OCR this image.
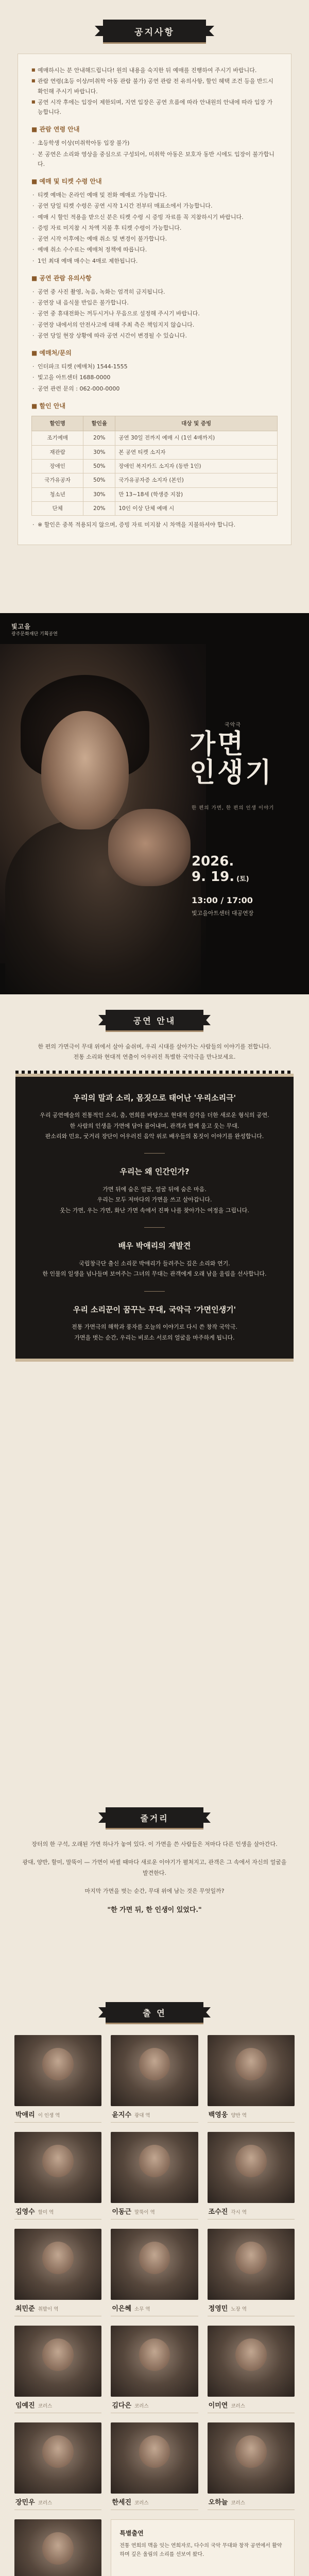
공지사항

■ 예매하시는 분 안내해드립니다! 원의 내용을 숙지한 뒤 예매를 진행하여 주시기 바랍니다.

■ 관람 연령(초등 이상/미취학 아동 관람 불가) 공연 관람 전 유의사항, 할인 혜택 조건 등을 반드시 확인해 주시기 바랍니다.

■ 공연 시작 후에는 입장이 제한되며, 지연 입장은 공연 흐름에 따라 안내원의 안내에 따라 입장 가능합니다.

■ 관람 연령 안내

· 초등학생 이상(미취학아동 입장 불가)

· 본 공연은 소리와 영상을 중심으로 구성되어, 미취학 아동은 보호자 동반 시에도 입장이 불가합니다.

■ 예매 및 티켓 수령 안내

· 티켓 예매는 온라인 예매 및 전화 예매로 가능합니다.

· 공연 당일 티켓 수령은 공연 시작 1시간 전부터 매표소에서 가능합니다.

· 예매 시 할인 적용을 받으신 분은 티켓 수령 시 증빙 자료를 꼭 지참하시기 바랍니다.

· 증빙 자료 미지참 시 차액 지불 후 티켓 수령이 가능합니다.

· 공연 시작 이후에는 예매 취소 및 변경이 불가합니다.

· 예매 취소 수수료는 예매처 정책에 따릅니다.

· 1인 최대 예매 매수는 4매로 제한됩니다.

■ 공연 관람 유의사항

· 공연 중 사진 촬영, 녹음, 녹화는 엄격히 금지됩니다.

· 공연장 내 음식물 반입은 불가합니다.

· 공연 중 휴대전화는 꺼두시거나 무음으로 설정해 주시기 바랍니다.

· 공연장 내에서의 안전사고에 대해 주최 측은 책임지지 않습니다.

· 공연 당일 현장 상황에 따라 공연 시간이 변경될 수 있습니다.

■ 예매처/문의

· 인터파크 티켓 (예매처) 1544-1555

· 빛고을 아트센터 1688-0000

· 공연 관련 문의 : 062-000-0000

■ 할인 안내
할인명	할인율	대상 및 증빙
조기예매	20%	공연 30일 전까지 예매 시 (1인 4매까지)
재관람	30%	본 공연 티켓 소지자
장애인	50%	장애인 복지카드 소지자 (동반 1인)
국가유공자	50%	국가유공자증 소지자 (본인)
청소년	30%	만 13~18세 (학생증 지참)
단체	20%	10인 이상 단체 예매 시

· ※ 할인은 중복 적용되지 않으며, 증빙 자료 미지참 시 차액을 지불하셔야 합니다.

빛고을
광주문화재단 기획공연
국악극
가면
인생기
한 편의 가면, 한 편의 인생 이야기
2026.
9. 19. (토)
13:00 / 17:00
빛고을아트센터 대공연장
공연 안내

한 편의 가면극이 무대 위에서 살아 숨쉬며, 우리 시대를 살아가는 사람들의 이야기를 전합니다. 전통 소리와 현대적 연출이 어우러진 특별한 국악극을 만나보세요.

우리의 말과 소리, 몸짓으로 태어난 '우리소리극'

우리 공연예술의 전통적인 소리, 춤, 연희를 바탕으로 현대적 감각을 더한 새로운 형식의 공연.

한 사람의 인생을 가면에 담아 풀어내며, 관객과 함께 울고 웃는 무대.

판소리와 민요, 굿거리 장단이 어우러진 음악 위로 배우들의 몸짓이 이야기를 완성합니다.

우리는 왜 인간인가?

가면 뒤에 숨은 얼굴, 얼굴 뒤에 숨은 마음.

우리는 모두 저마다의 가면을 쓰고 살아갑니다.

웃는 가면, 우는 가면, 화난 가면 속에서 진짜 나를 찾아가는 여정을 그립니다.

배우 박애리의 재발견

국립창극단 출신 소리꾼 박애리가 들려주는 깊은 소리와 연기.

한 인물의 일생을 넘나들며 보여주는 그녀의 무대는 관객에게 오래 남을 울림을 선사합니다.

우리 소리꾼이 꿈꾸는 무대, 국악극 '가면인생기'

전통 가면극의 해학과 풍자를 오늘의 이야기로 다시 쓴 창작 국악극.

가면을 벗는 순간, 우리는 비로소 서로의 얼굴을 마주하게 됩니다.

줄거리

장터의 한 구석, 오래된 가면 하나가 놓여 있다. 이 가면을 쓴 사람들은 저마다 다른 인생을 살아간다.

광대, 양반, 할미, 말뚝이 — 가면이 바뀔 때마다 새로운 이야기가 펼쳐지고, 관객은 그 속에서 자신의 얼굴을 발견한다.

마지막 가면을 벗는 순간, 무대 위에 남는 것은 무엇일까?

"한 가면 뒤, 한 인생이 있었다."
출 연
박애리 이 인생 역	윤지수 광대 역	백영웅 양반 역
김영수 할미 역	이동근 말뚝이 역	조수진 각시 역
최민준 취발이 역	이은혜 소무 역	정영민 노장 역
임예진 코러스	김다은 코러스	이미연 코러스
장민우 코러스	한세진 코러스	오하늘 코러스
특별출연
전통 연희의 맥을 잇는 연희자로, 다수의 국악 무대와 창작 공연에서 활약하며 깊은 울림의 소리를 선보여 왔다.
